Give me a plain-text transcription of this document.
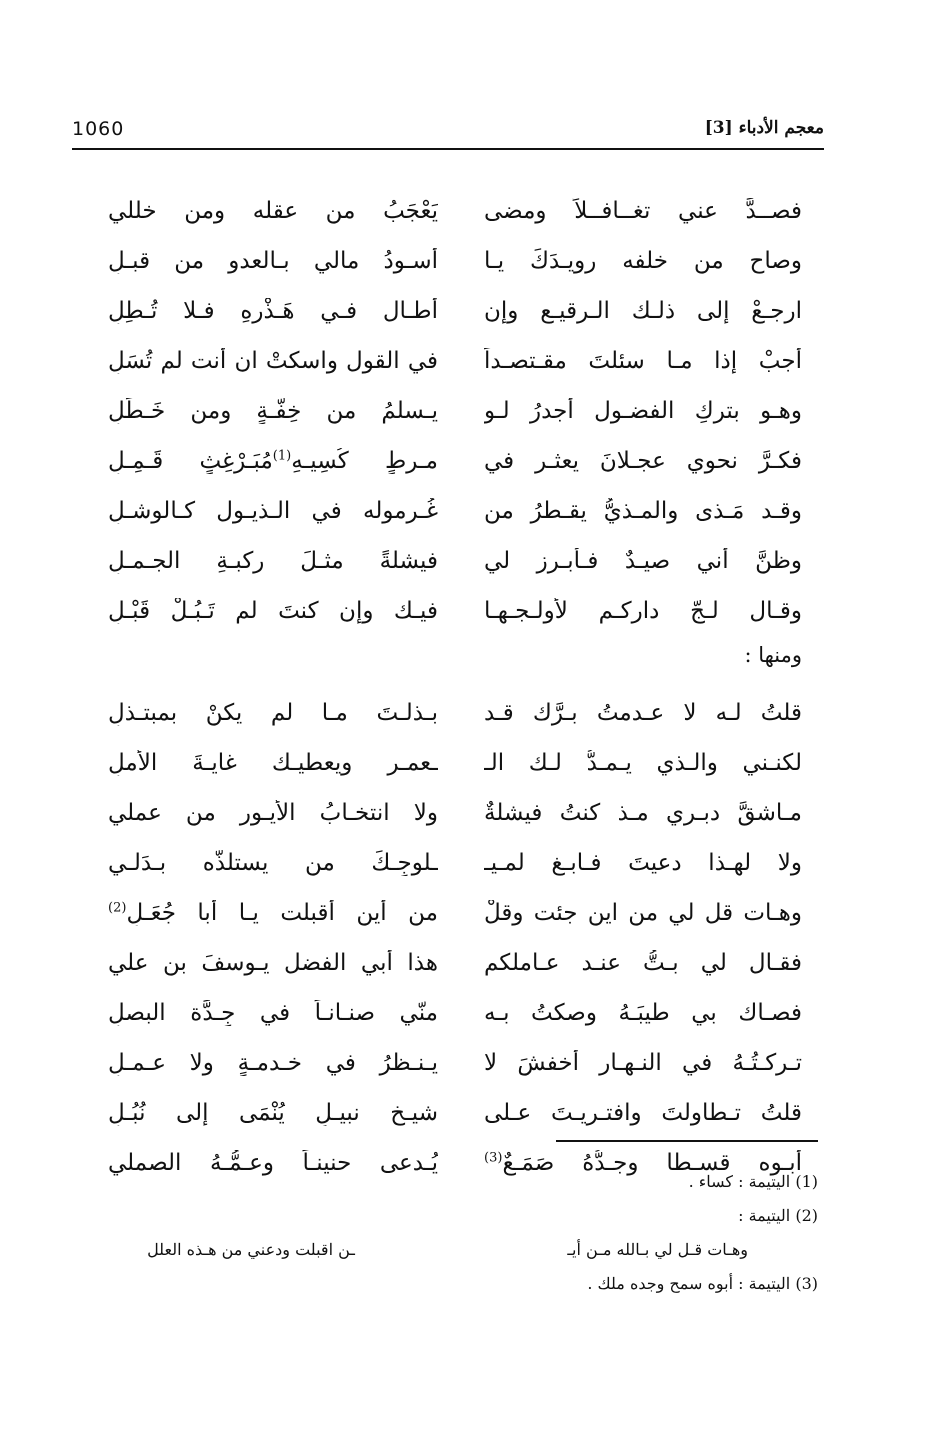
1060	معجم الأدباء [3]
فصــدَّ عني تغــافــلاً ومضى
يَعْجَبُ من عقله ومن خللي
وصاح من خلفه رويـدَكَ يـا
أسـودُ مالي بـالعدوِ من قبـلِ
ارجـعْ إلى ذلـك الـرقيـع وإن
أطـال فـي هَـذْرِهِ فـلا تُـطِلِ
أجبْ إذا مـا سئلتَ مقـتصـداً
في القول واسكتْ ان أنت لم تُسَلِ
وهـو بتركِ الفضـول أجدرُ لـو
يـسلمُ من خِفَّـةٍ ومن خَـطَلِ
فكـرَّ نحوي عجـلانَ يعثـر في
مـرطٍ كُسِيـهِ$^{(1)}$مُبَـرْغِثٍ قَـمِـلِ
وقـد مَـذى والمـذيُّ يقـطرُ من
غُـرموله في الـذيـول كـالوشـلِ
وظنَّ أني صيـدٌ فـأبـرز لي
فيشلةً مثـلَ ركبـةِ الجـمـلِ
وقـال لـجّ داركـم لأولـجـهـا
فيـك وإن كنتَ لم تَـبُـلْ قَبْـلِ
ومنها :
قلتُ لـه لا عـدمتُ بـرَّك قـد
بـذلـتَ مـا لم يكنْ بمبتـذلِ
لكنـني والـذي يـمـدُّ لـك الـ
ـعمـر ويعطيـك غايـةَ الأملِ
مـاشقَّ دبـري مـذ كنتُ فيشلةٌ
ولا انتخـابُ الأيـورِ من عملي
ولا لهـذا دعيتَ فـابـغ لمـيـ
ـلوجِـكَ من يستلذّه بـدَلـي
وهـات قل لي من اين جئت وقلْ
من أين أقبلت يـا أبا جُعَـلِ$^{(2)}$
فقـال لي بـتُّ عنـد عـاملكم
هذا أبي الفضل يـوسفَ بن علي
فصـاك بي طيبَـهُ وصكتُ بـه
منّي صنـانـاً في جِـدَّة البصلِ
تـركـتُـهُ في النـهـار أخفشَ لا
يـنـظرُ في خـدمـةٍ ولا عـمـلِ
قلتُ تـطاولتَ وافتـريـتَ عـلى
شيـخٍ نبيـلٍ يُنْمَى إلى نُبُـلِ
أبـوه قسـطا وجـدُّهُ صَمَـعٌ$^{(3)}$
يُـدعى حنينـاً وعـمُّـهُ الصملي
(1) اليتيمة : كساء .
(2) اليتيمة :
وهـات قـل لي بـالله مـن أيـ
ـن اقبلت ودعني من هـذه العلل
(3) اليتيمة : أبوه سمح وجده ملك .
